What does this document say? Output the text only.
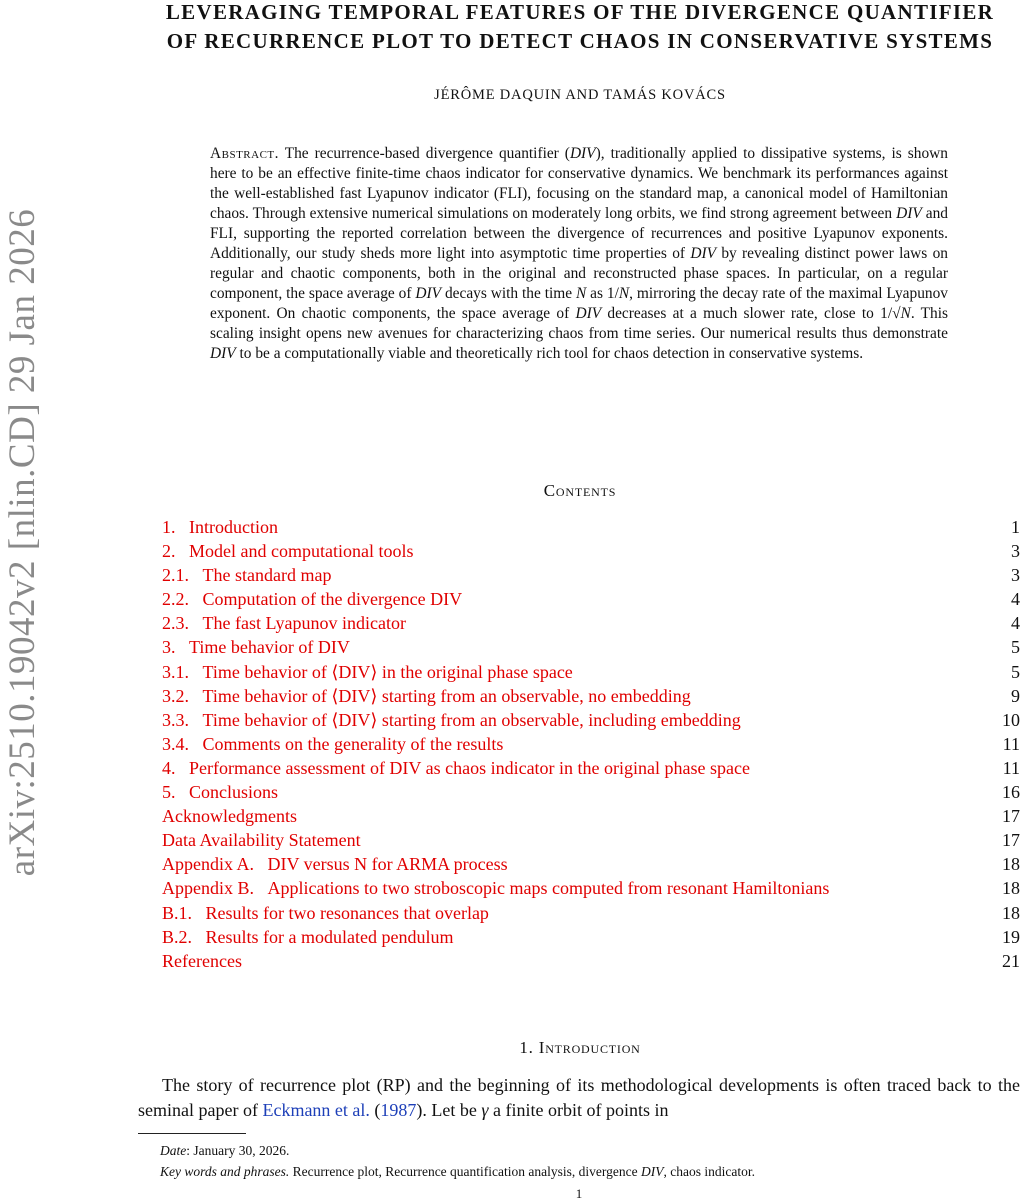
arXiv:2510.19042v2 [nlin.CD] 29 Jan 2026
LEVERAGING TEMPORAL FEATURES OF THE DIVERGENCE QUANTIFIER
OF RECURRENCE PLOT TO DETECT CHAOS IN CONSERVATIVE SYSTEMS
JÉRÔME DAQUIN AND TAMÁS KOVÁCS
Abstract. The recurrence-based divergence quantifier (DIV), traditionally applied to dissipative systems, is shown here to be an effective finite-time chaos indicator for conservative dynamics. We benchmark its performances against the well-established fast Lyapunov indicator (FLI), focusing on the standard map, a canonical model of Hamiltonian chaos. Through extensive numerical simulations on moderately long orbits, we find strong agreement between DIV and FLI, supporting the reported correlation between the divergence of recurrences and positive Lyapunov exponents. Additionally, our study sheds more light into asymptotic time properties of DIV by revealing distinct power laws on regular and chaotic components, both in the original and reconstructed phase spaces. In particular, on a regular component, the space average of DIV decays with the time N as 1/N, mirroring the decay rate of the maximal Lyapunov exponent. On chaotic components, the space average of DIV decreases at a much slower rate, close to 1/√N. This scaling insight opens new avenues for characterizing chaos from time series. Our numerical results thus demonstrate DIV to be a computationally viable and theoretically rich tool for chaos detection in conservative systems.
Contents
1. Introduction	1
2. Model and computational tools	3
2.1. The standard map	3
2.2. Computation of the divergence DIV	4
2.3. The fast Lyapunov indicator	4
3. Time behavior of DIV	5
3.1. Time behavior of ⟨DIV⟩ in the original phase space	5
3.2. Time behavior of ⟨DIV⟩ starting from an observable, no embedding	9
3.3. Time behavior of ⟨DIV⟩ starting from an observable, including embedding	10
3.4. Comments on the generality of the results	11
4. Performance assessment of DIV as chaos indicator in the original phase space	11
5. Conclusions	16
Acknowledgments	17
Data Availability Statement	17
Appendix A. DIV versus N for ARMA process	18
Appendix B. Applications to two stroboscopic maps computed from resonant Hamiltonians	18
B.1. Results for two resonances that overlap	18
B.2. Results for a modulated pendulum	19
References	21
1. Introduction
The story of recurrence plot (RP) and the beginning of its methodological developments is often traced back to the seminal paper of Eckmann et al. (1987). Let be γ a finite orbit of points in
Date: January 30, 2026.
Key words and phrases. Recurrence plot, Recurrence quantification analysis, divergence DIV, chaos indicator.
1
